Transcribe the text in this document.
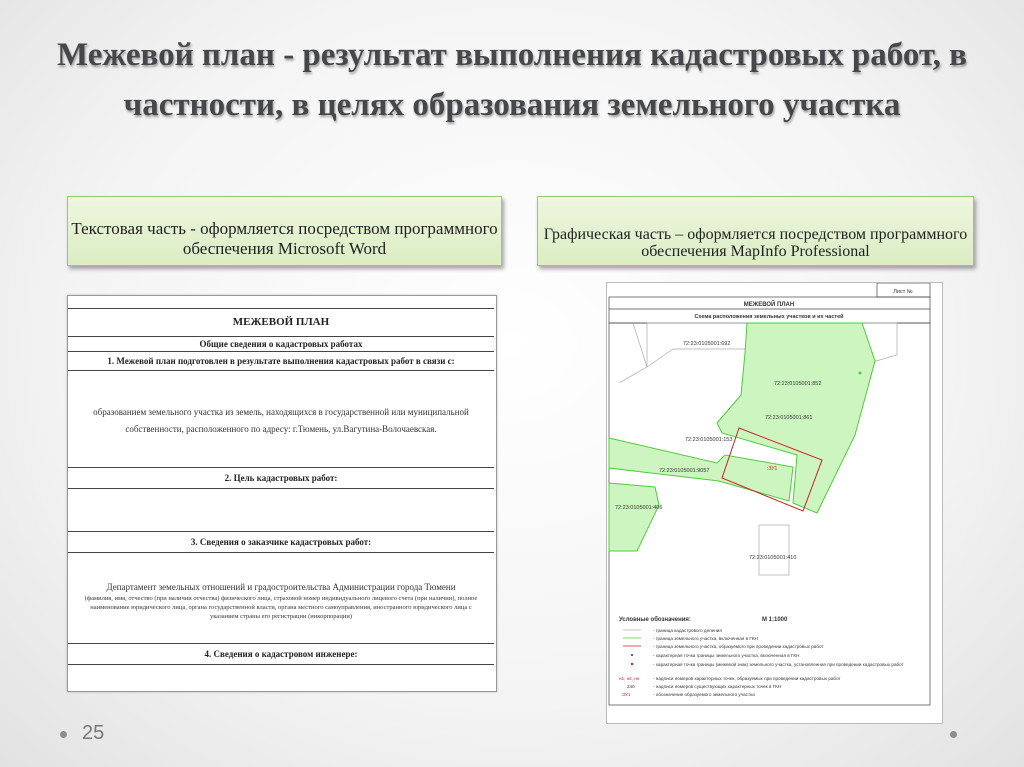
Межевой план - результат выполнения кадастровых работ, в частности, в целях образования земельного участка
Текстовая часть - оформляется посредством программного обеспечения Microsoft Word
Графическая часть – оформляется посредством программного обеспечения MapInfo Professional
МЕЖЕВОЙ ПЛАН
Общие сведения о кадастровых работах
1. Межевой план подготовлен в результате выполнения кадастровых работ в связи с:
образованием земельного участка из земель, находящихся в государственной или муниципальной собственности, расположенного по адресу: г.Тюмень, ул.Вагутина-Волочаевская.
2. Цель кадастровых работ:
3. Сведения о заказчике кадастровых работ:
Департамент земельных отношений и градостроительства Администрации города Тюмени
(фамилия, имя, отчество (при наличии отчества) физического лица, страховой номер индивидуального лицевого счета (при наличии), полное наименование юридического лица, органа государственной власти, органа местного самоуправления, иностранного юридического лица с указанием страны его регистрации (инкорпорации)
4. Сведения о кадастровом инженере:
Лист №
МЕЖЕВОЙ ПЛАН
Схема расположения земельных участков и их частей
:ЗУ1
72:23:0105001:692
72:23:0105001:852
72:23:0105001:861
72:23:0105001:153
72:23:0105001:9057
72:23:0105001:406
72:23:0105001:410
Условные обозначения:	М 1:1000
- граница кадастрового деления
- граница земельного участка, включенная в ГКН
- граница земельного участка, образуемого при проведении кадастровых работ
- характерная точка границы земельного участка, включенная в ГКН
- характерная точка границы (межевой знак) земельного участка, установленная при проведении кадастровых работ
н1, н2, нн	- надписи номеров характерных точек, образуемых при проведении кадастровых работ
240	- надписи номеров существующих характерных точек в ГКН
:ЗУ1	- обозначение образуемого земельного участка
25
